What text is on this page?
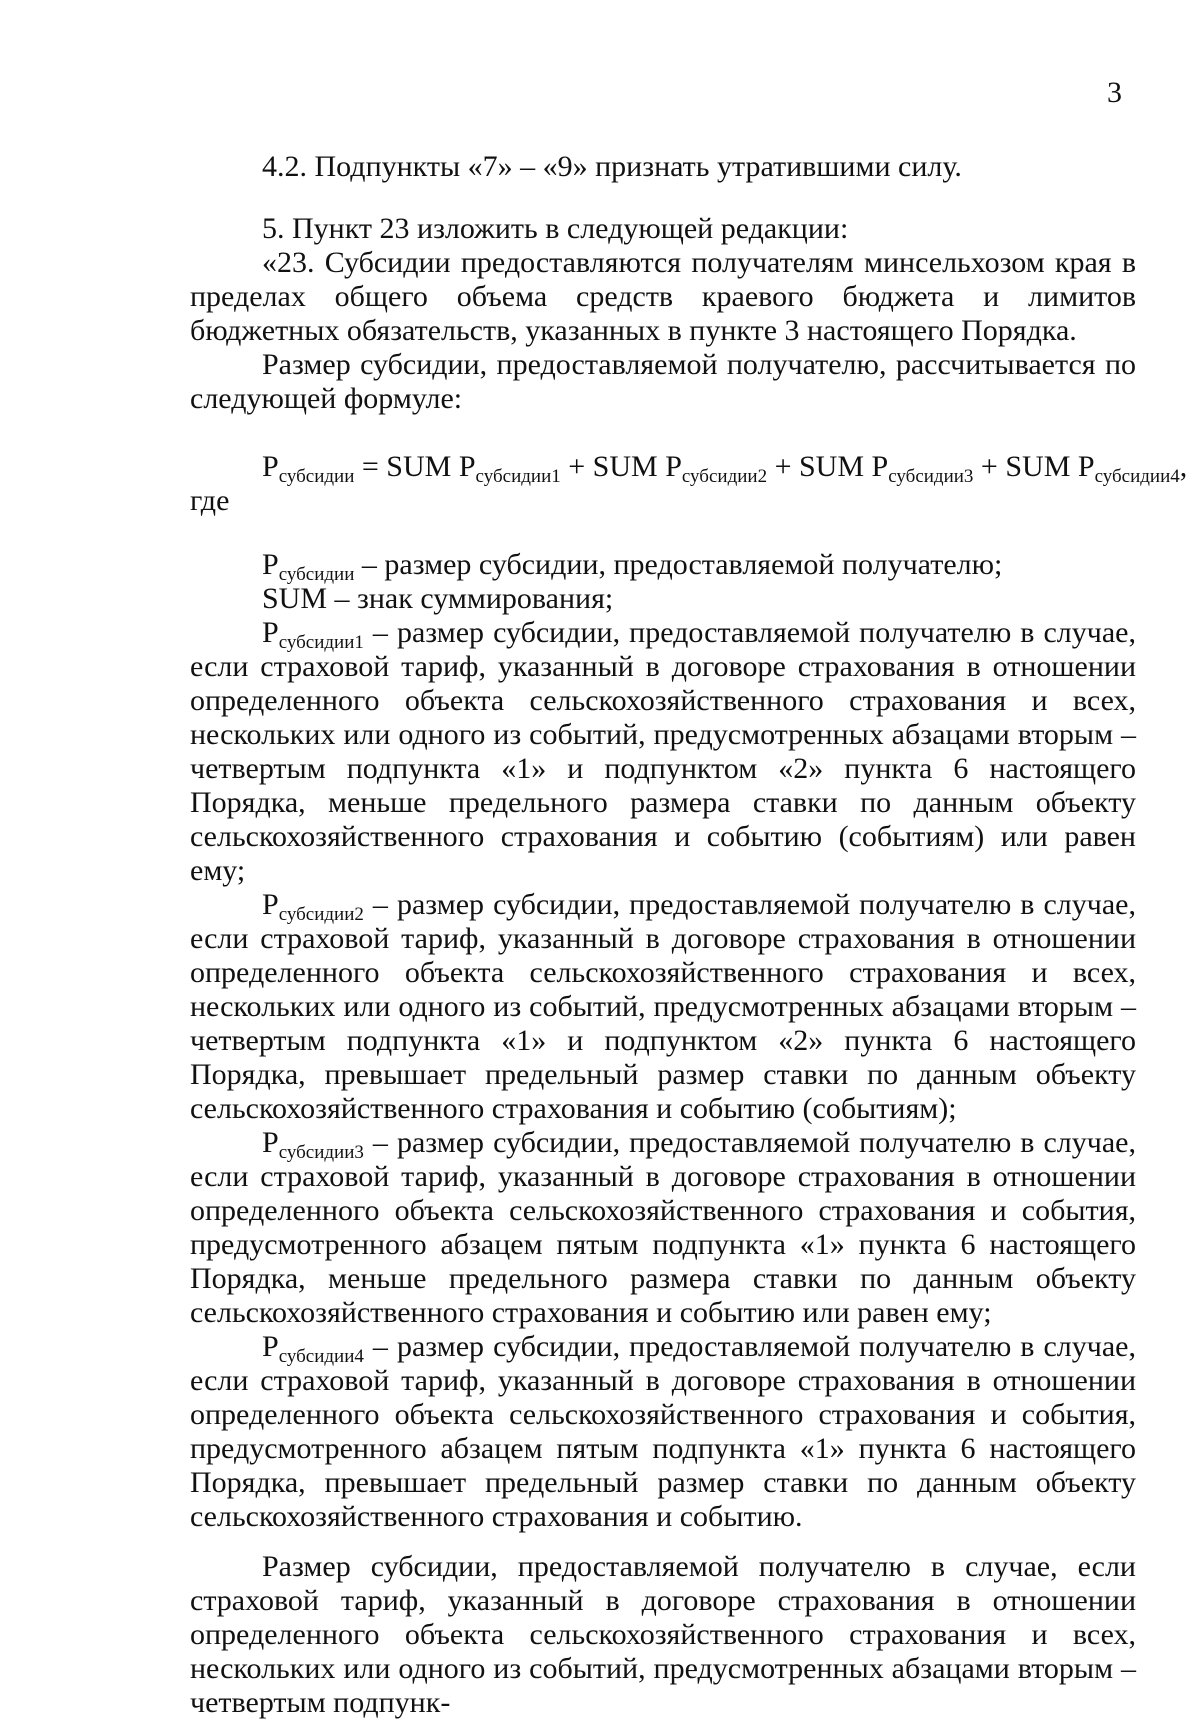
3

4.2. Подпункты «7» – «9» признать утратившими силу.

5. Пункт 23 изложить в следующей редакции:

«23. Субсидии предоставляются получателям минсельхозом края в пределах общего объема средств краевого бюджета и лимитов бюджетных обязательств, указанных в пункте 3 настоящего Порядка.

Размер субсидии, предоставляемой получателю, рассчитывается по следующей формуле:

$P_{субсидии}$ = SUM $P_{субсидии1}$ + SUM $P_{субсидии2}$ + SUM $P_{субсидии3}$ + SUM $P_{субсидии4}$,
где

$P_{субсидии}$ – размер субсидии, предоставляемой получателю;

SUM – знак суммирования;

$P_{субсидии1}$ – размер субсидии, предоставляемой получателю в случае, если страховой тариф, указанный в договоре страхования в отношении определенного объекта сельскохозяйственного страхования и всех, нескольких или одного из событий, предусмотренных абзацами вторым – четвертым подпункта «1» и подпунктом «2» пункта 6 настоящего Порядка, меньше предельного размера ставки по данным объекту сельскохозяйственного страхования и событию (событиям) или равен ему;

$P_{субсидии2}$ – размер субсидии, предоставляемой получателю в случае, если страховой тариф, указанный в договоре страхования в отношении определенного объекта сельскохозяйственного страхования и всех, нескольких или одного из событий, предусмотренных абзацами вторым – четвертым подпункта «1» и подпунктом «2» пункта 6 настоящего Порядка, превышает предельный размер ставки по данным объекту сельскохозяйственного страхования и событию (событиям);

$P_{субсидии3}$ – размер субсидии, предоставляемой получателю в случае, если страховой тариф, указанный в договоре страхования в отношении определенного объекта сельскохозяйственного страхования и события, предусмотренного абзацем пятым подпункта «1» пункта 6 настоящего Порядка, меньше предельного размера ставки по данным объекту сельскохозяйственного страхования и событию или равен ему;

$P_{субсидии4}$ – размер субсидии, предоставляемой получателю в случае, если страховой тариф, указанный в договоре страхования в отношении определенного объекта сельскохозяйственного страхования и события, предусмотренного абзацем пятым подпункта «1» пункта 6 настоящего Порядка, превышает предельный размер ставки по данным объекту сельскохозяйственного страхования и событию.

Размер субсидии, предоставляемой получателю в случае, если страховой тариф, указанный в договоре страхования в отношении определенного объекта сельскохозяйственного страхования и всех, нескольких или одного из событий, предусмотренных абзацами вторым – четвертым подпунк-
